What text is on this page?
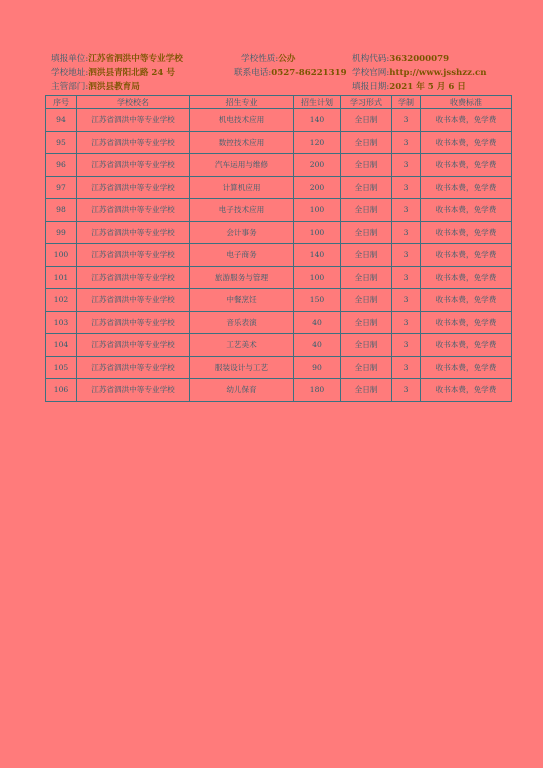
填报单位:江苏省泗洪中等专业学校	学校性质:公办	机构代码:3632000079
学校地址:泗洪县青阳北路 24 号	联系电话:0527-86221319 学校官网:http://www.jsshzz.cn
主管部门:泗洪县教育局	填报日期:2021 年 5 月 6 日
序号	学校校名	招生专业	招生计划	学习形式	学制	收费标准
94	江苏省泗洪中等专业学校	机电技术应用	140	全日制	3	收书本费，免学费
95	江苏省泗洪中等专业学校	数控技术应用	120	全日制	3	收书本费，免学费
96	江苏省泗洪中等专业学校	汽车运用与维修	200	全日制	3	收书本费，免学费
97	江苏省泗洪中等专业学校	计算机应用	200	全日制	3	收书本费，免学费
98	江苏省泗洪中等专业学校	电子技术应用	100	全日制	3	收书本费，免学费
99	江苏省泗洪中等专业学校	会计事务	100	全日制	3	收书本费，免学费
100	江苏省泗洪中等专业学校	电子商务	140	全日制	3	收书本费，免学费
101	江苏省泗洪中等专业学校	旅游服务与管理	100	全日制	3	收书本费，免学费
102	江苏省泗洪中等专业学校	中餐烹饪	150	全日制	3	收书本费，免学费
103	江苏省泗洪中等专业学校	音乐表演	40	全日制	3	收书本费，免学费
104	江苏省泗洪中等专业学校	工艺美术	40	全日制	3	收书本费，免学费
105	江苏省泗洪中等专业学校	服装设计与工艺	90	全日制	3	收书本费，免学费
106	江苏省泗洪中等专业学校	幼儿保育	180	全日制	3	收书本费，免学费
